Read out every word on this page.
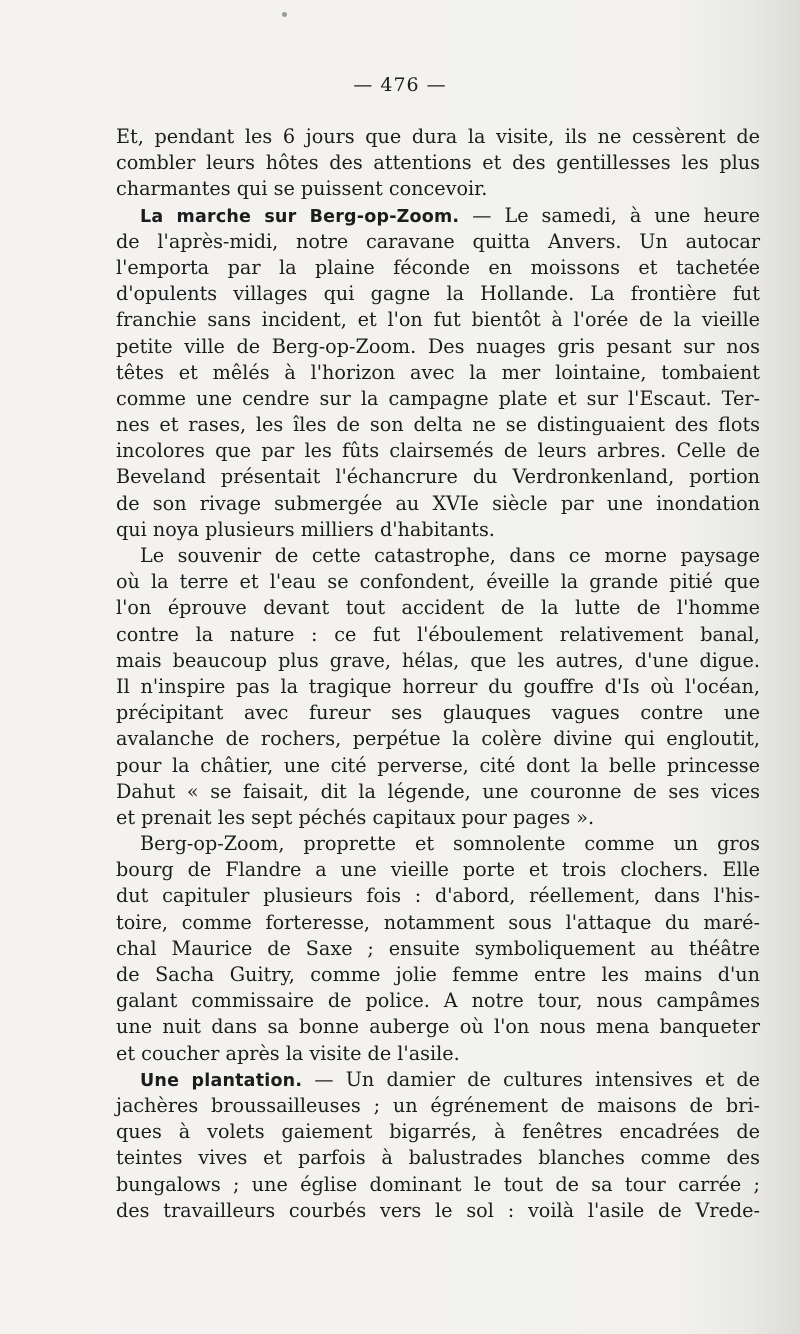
— 476 —
Et, pendant les 6 jours que dura la visite, ils ne cessèrent de
combler leurs hôtes des attentions et des gentillesses les plus
charmantes qui se puissent concevoir.
La marche sur Berg-op-Zoom. — Le samedi, à une heure
de l'après-midi, notre caravane quitta Anvers. Un autocar
l'emporta par la plaine féconde en moissons et tachetée
d'opulents villages qui gagne la Hollande. La frontière fut
franchie sans incident, et l'on fut bientôt à l'orée de la vieille
petite ville de Berg-op-Zoom. Des nuages gris pesant sur nos
têtes et mêlés à l'horizon avec la mer lointaine, tombaient
comme une cendre sur la campagne plate et sur l'Escaut. Ter-
nes et rases, les îles de son delta ne se distinguaient des flots
incolores que par les fûts clairsemés de leurs arbres. Celle de
Beveland présentait l'échancrure du Verdronkenland, portion
de son rivage submergée au XVIe siècle par une inondation
qui noya plusieurs milliers d'habitants.
Le souvenir de cette catastrophe, dans ce morne paysage
où la terre et l'eau se confondent, éveille la grande pitié que
l'on éprouve devant tout accident de la lutte de l'homme
contre la nature : ce fut l'éboulement relativement banal,
mais beaucoup plus grave, hélas, que les autres, d'une digue.
Il n'inspire pas la tragique horreur du gouffre d'Is où l'océan,
précipitant avec fureur ses glauques vagues contre une
avalanche de rochers, perpétue la colère divine qui engloutit,
pour la châtier, une cité perverse, cité dont la belle princesse
Dahut « se faisait, dit la légende, une couronne de ses vices
et prenait les sept péchés capitaux pour pages ».
Berg-op-Zoom, proprette et somnolente comme un gros
bourg de Flandre a une vieille porte et trois clochers. Elle
dut capituler plusieurs fois : d'abord, réellement, dans l'his-
toire, comme forteresse, notamment sous l'attaque du maré-
chal Maurice de Saxe ; ensuite symboliquement au théâtre
de Sacha Guitry, comme jolie femme entre les mains d'un
galant commissaire de police. A notre tour, nous campâmes
une nuit dans sa bonne auberge où l'on nous mena banqueter
et coucher après la visite de l'asile.
Une plantation. — Un damier de cultures intensives et de
jachères broussailleuses ; un égrénement de maisons de bri-
ques à volets gaiement bigarrés, à fenêtres encadrées de
teintes vives et parfois à balustrades blanches comme des
bungalows ; une église dominant le tout de sa tour carrée ;
des travailleurs courbés vers le sol : voilà l'asile de Vrede-
